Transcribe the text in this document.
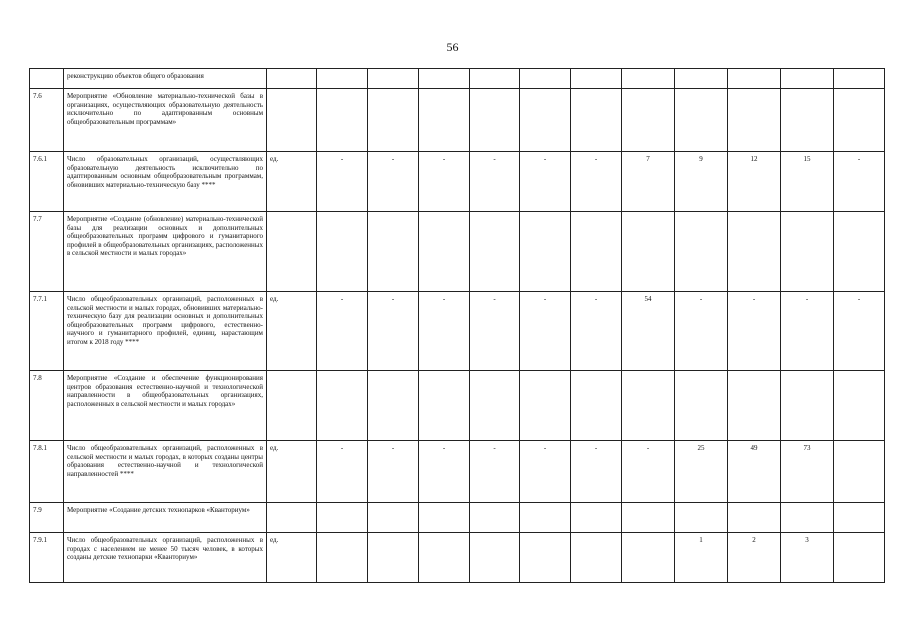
56
	реконструкцию объектов общего образования												
7.6	Мероприятие «Обновление материально-технической базы в организациях, осуществляющих образовательную деятельность исключительно по адаптированным основным общеобразовательным программам»												
7.6.1	Число образовательных организаций, осуществляющих образовательную деятельность исключительно по адаптированным основным общеобразовательным программам, обновивших материально-техническую базу ****	ед.	-	-	-	-	-	-	7	9	12	15	-
7.7	Мероприятие «Создание (обновление) материально-технической базы для реализации основных и дополнительных общеобразовательных программ цифрового и гуманитарного профилей в общеобразовательных организациях, расположенных в сельской местности и малых городах»												
7.7.1	Число общеобразовательных организаций, расположенных в сельской местности и малых городах, обновивших материально-техническую базу для реализации основных и дополнительных общеобразовательных программ цифрового, естественно-научного и гуманитарного профилей, единиц, нарастающим итогом к 2018 году ****	ед.	-	-	-	-	-	-	54	-	-	-	-
7.8	Мероприятие «Создание и обеспечение функционирования центров образования естественно-научной и технологической направленности в общеобразовательных организациях, расположенных в сельской местности и малых городах»												
7.8.1	Число общеобразовательных организаций, расположенных в сельской местности и малых городах, в которых созданы центры образования естественно-научной и технологической направленностей ****	ед.	-	-	-	-	-	-	-	25	49	73	
7.9	Мероприятие «Создание детских технопарков «Кванториум»												
7.9.1	Число общеобразовательных организаций, расположенных в городах с населением не менее 50 тысяч человек, в которых созданы детские технопарки «Кванториум»	ед.								1	2	3	
